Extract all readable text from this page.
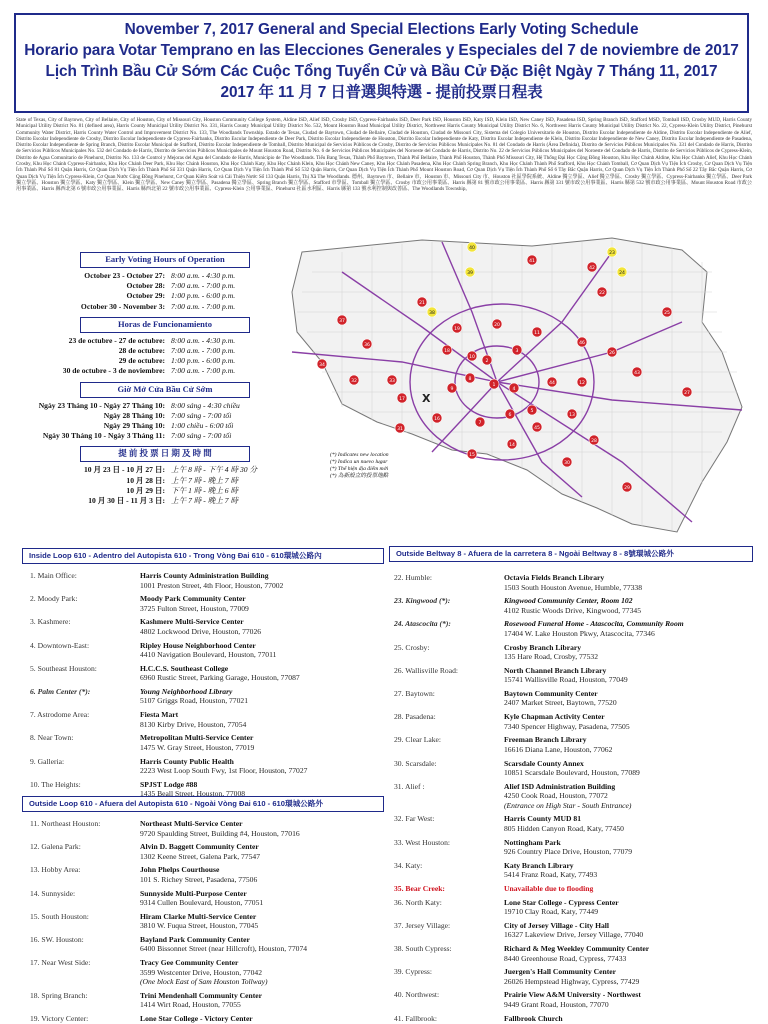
November 7, 2017 General and Special Elections Early Voting Schedule
Horario para Votar Temprano en las Elecciones Generales y Especiales del 7 de noviembre de 2017
Lịch Trình Bầu Cử Sớm Các Cuộc Tổng Tuyển Cử và Bầu Cử Đặc Biệt Ngày 7 Tháng 11, 2017
2017 年 11 月 7 日普選與特選 - 提前投票日程表
State of Texas, City of Baytown, City of Bellaire, City of Houston, City of Missouri City, Houston Community College System, Aldine ISD, Alief ISD, Crosby ISD, Cypress-Fairbanks ISD, Deer Park ISD, Houston ISD, Katy ISD, Klein ISD, New Caney ISD, Pasadena ISD, Spring Branch ISD, Stafford MSD, Tomball ISD, Crosby MUD, Harris County Municipal Utility District No. 81 (defined area), Harris County Municipal Utility District No. 331, Harris County Municipal Utility District No. 532, Mount Houston Road Municipal Utility District, Northwest Harris County Municipal Utility District No. 6, Northwest Harris County Municipal Utility District No. 22, Cypress-Klein Utility District, Pinehurst Community Water District, Harris County Water Control and Improvement District No. 133, The Woodlands Township. Estado de Texas, Ciudad de Baytown, Ciudad de Bellaire, Ciudad de Houston, Ciudad de Missouri City, Sistema del Colegio Universitario de Houston, Distrito Escolar Independiente de Aldine, Distrito Escolar Independiente de Alief, Distrito Escolar Independiente de Crosby, Distrito Escolar Independiente de Cypress-Fairbanks, Distrito Escolar Independiente de Deer Park, Distrito Escolar Independiente de Houston, Distrito Escolar Independiente de Katy, Distrito Escolar Independiente de Klein, Distrito Escolar Independiente de New Caney, Distrito Escolar Independiente de Pasadena, Distrito Escolar Independiente de Spring Branch, Distrito Escolar Municipal de Stafford, Distrito Escolar Independiente de Tomball, Distrito Municipal de Servicios Públicos de Crosby, Distrito de Servicios Públicos Municipales No. 81 del Condado de Harris (Área Definida), Distrito de Servicios Públicos Municipales No. 331 del Condado de Harris, Distrito de Servicios Públicos Municipales No. 532 del Condado de Harris, Distrito de Servicios Públicos Municipales de Mount Houston Road, Distrito No. 6 de Servicios Públicos Municipales del Noroeste del Condado de Harris, Distrito No. 22 de Servicios Públicos Municipales del Noroeste del Condado de Harris, Distrito de Servicios Públicos de Cypress-Klein, Distrito de Agua Comunitario de Pinehurst, Distrito No. 133 de Control y Mejoras del Agua del Condado de Harris, Municipio de The Woodlands. Tiểu Bang Texas, Thành Phố Baytown, Thành Phố Bellaire, Thành Phố Houston, Thành Phố Missouri City, Hệ Thống Đại Học Cộng Đồng Houston, Khu Học Chánh Aldine, Khu Học Chánh Alief, Khu Học Chánh Crosby, Khu Học Chánh Cypress-Fairbanks, Khu Học Chánh Deer Park, Khu Học Chánh Houston, Khu Học Chánh Katy, Khu Học Chánh Klein, Khu Học Chánh New Caney, Khu Học Chánh Pasadena, Khu Học Chánh Spring Branch, Khu Học Chánh Thành Phố Stafford, Khu Học Chánh Tomball, Cơ Quan Dịch Vụ Tiện Ích Crosby, Cơ Quan Dịch Vụ Tiện Ích Thành Phố Số 81 Quận Harris, Cơ Quan Dịch Vụ Tiện Ích Thành Phố Số 331 Quận Harris, Cơ Quan Dịch Vụ Tiện Ích Thành Phố Số 532 Quận Harris, Cơ Quan Dịch Vụ Tiện Ích Thành Phố Mount Houston Road, Cơ Quan Dịch Vụ Tiện Ích Thành Phố Số 6 Tây Bắc Quận Harris, Cơ Quan Dịch Vụ Tiện Ích Thành Phố Số 22 Tây Bắc Quận Harris, Cơ Quan Dịch Vụ Tiện Ích Cypress-Klein, Cơ Quan Nước Cộng Đồng Pinehurst, Cơ Quan Kiểm Soát và Cải Thiện Nước Số 133 Quận Harris, Thị Xã The Woodlands. 德州、Baytown 市、Bellaire 市、Houston 市、Missouri City 市、Houston 社區學院系統、Aldine 獨立學區、Alief 獨立學區、Crosby 獨立學區、Cypress-Fairbanks 獨立學區、Deer Park 獨立學區、Houston 獨立學區、Katy 獨立學區、Klein 獨立學區、New Caney 獨立學區、Pasadena 獨立學區、Spring Branch 獨立學區、Stafford 市學區、Tomball 獨立學區、Crosby 市政公用事業區、Harris 縣第 81 號市政公用事業區、Harris 縣第 331 號市政公用事業區、Harris 縣第 532 號市政公用事業區、Mount Houston Road 市政公用事業區、Harris 縣西北第 6 號市政公用事業區、Harris 縣西北第 22 號市政公用事業區、Cypress-Klein 公用事業區、Pinehurst 社區水利區、Harris 縣第 133 號水利控制與改善區、The Woodlands Township。
Early Voting Hours of Operation
October 23 - October 27: 8:00 a.m. - 4:30 p.m.
October 28: 7:00 a.m. - 7:00 p.m.
October 29: 1:00 p.m. - 6:00 p.m.
October 30 - November 3: 7:00 a.m. - 7:00 p.m.
Horas de Funcionamiento
23 de octubre - 27 de octubre: 8:00 a.m. - 4:30 p.m.
28 de octubre: 7:00 a.m. - 7:00 p.m.
29 de octubre: 1:00 p.m. - 6:00 p.m.
30 de octubre - 3 de noviembre: 7:00 a.m. - 7:00 p.m.
Giờ Mở Cửa Bầu Cử Sớm
Ngày 23 Tháng 10 - Ngày 27 Tháng 10: 8:00 sáng - 4:30 chiều
Ngày 28 Tháng 10: 7:00 sáng - 7:00 tối
Ngày 29 Tháng 10: 1:00 chiều - 6:00 tối
Ngày 30 Tháng 10 - Ngày 3 Tháng 11: 7:00 sáng - 7:00 tối
提 前 投 票 日 期 及 時 間
10 月 23 日 - 10 月 27 日: 上午 8 時 - 下午 4 時 30 分
10 月 28 日: 上午 7 時 - 晚上 7 時
10 月 29 日: 下午 1 時 - 晚上 6 時
10 月 30 日 - 11 月 3 日: 上午 7 時 - 晚上 7 時
1
2
3
4
5
6
7
8
9
10
11
12
13
14
15
16
17
18
19
20
21
22
23
24
25
26
27
28
29
30
31
32	33
34
36
37
38
39
40
41
42
43
44
45
46
X
(*) Indicates new location
(*) Indica un nuevo lugar
(*) Thể hiện địa điểm mới
(*) 為新設立的投票地點
Inside Loop 610 - Adentro del Autopista 610 - Trong Vòng Đai 610 - 610環城公路內
1. Main Office:	Harris County Administration Building
1001 Preston Street, 4th Floor, Houston, 77002
2. Moody Park:	Moody Park Community Center
3725 Fulton Street, Houston, 77009
3. Kashmere:	Kashmere Multi-Service Center
4802 Lockwood Drive, Houston, 77026
4. Downtown-East:	Ripley House Neighborhood Center
4410 Navigation Boulevard, Houston, 77011
5. Southeast Houston:	H.C.C.S. Southeast College
6960 Rustic Street, Parking Garage, Houston, 77087
6. Palm Center (*):	Young Neighborhood Library
5107 Griggs Road, Houston, 77021
7. Astrodome Area:	Fiesta Mart
8130 Kirby Drive, Houston, 77054
8. Near Town:	Metropolitan Multi-Service Center
1475 W. Gray Street, Houston, 77019
9. Galleria:	Harris County Public Health
2223 West Loop South Fwy, 1st Floor, Houston, 77027
10. The Heights:	SPJST Lodge #88
1435 Beall Street, Houston, 77008
Outside Loop 610 - Afuera del Autopista 610 - Ngoài Vòng Đai 610 - 610環城公路外
11. Northeast Houston:	Northeast Multi-Service Center
9720 Spaulding Street, Building #4, Houston, 77016
12. Galena Park:	Alvin D. Baggett Community Center
1302 Keene Street, Galena Park, 77547
13. Hobby Area:	John Phelps Courthouse
101 S. Richey Street, Pasadena, 77506
14. Sunnyside:	Sunnyside Multi-Purpose Center
9314 Cullen Boulevard, Houston, 77051
15. South Houston:	Hiram Clarke Multi-Service Center
3810 W. Fuqua Street, Houston, 77045
16. SW. Houston:	Bayland Park Community Center
6400 Bissonnet Street (near Hillcroft), Houston, 77074
17. Near West Side:	Tracy Gee Community Center
3599 Westcenter Drive, Houston, 77042
(One block East of Sam Houston Tollway)
18. Spring Branch:	Trini Mendenhall Community Center
1414 Wirt Road, Houston, 77055
19. Victory Center:	Lone Star College - Victory Center
Outside Beltway 8 - Afuera de la carretera 8 - Ngoài Beltway 8 - 8號環城公路外
22. Humble:	Octavia Fields Branch Library
1503 South Houston Avenue, Humble, 77338
23. Kingwood (*):	Kingwood Community Center, Room 102
4102 Rustic Woods Drive, Kingwood, 77345
24. Atascocita (*):	Rosewood Funeral Home - Atascocita, Community Room
17404 W. Lake Houston Pkwy, Atascocita, 77346
25. Crosby:	Crosby Branch Library
135 Hare Road, Crosby, 77532
26. Wallisville Road:	North Channel Branch Library
15741 Wallisville Road, Houston, 77049
27. Baytown:	Baytown Community Center
2407 Market Street, Baytown, 77520
28. Pasadena:	Kyle Chapman Activity Center
7340 Spencer Highway, Pasadena, 77505
29. Clear Lake:	Freeman Branch Library
16616 Diana Lane, Houston, 77062
30. Scarsdale:	Scarsdale County Annex
10851 Scarsdale Boulevard, Houston, 77089
31. Alief :	Alief ISD Administration Building
4250 Cook Road, Houston, 77072
(Entrance on High Star - South Entrance)
32. Far West:	Harris County MUD 81
805 Hidden Canyon Road, Katy, 77450
33. West Houston:	Nottingham Park
926 Country Place Drive, Houston, 77079
34. Katy:	Katy Branch Library
5414 Franz Road, Katy, 77493
35. Bear Creek:	Unavailable due to flooding
36. North Katy:	Lone Star College - Cypress Center
19710 Clay Road, Katy, 77449
37. Jersey Village:	City of Jersey Village - City Hall
16327 Lakeview Drive, Jersey Village, 77040
38. South Cypress:	Richard & Meg Weekley Community Center
8440 Greenhouse Road, Cypress, 77433
39. Cypress:	Juergen's Hall Community Center
26026 Hempstead Highway, Cypress, 77429
40. Northwest:	Prairie View A&M University - Northwest
9449 Grant Road, Houston, 77070
41. Fallbrook:	Fallbrook Church
